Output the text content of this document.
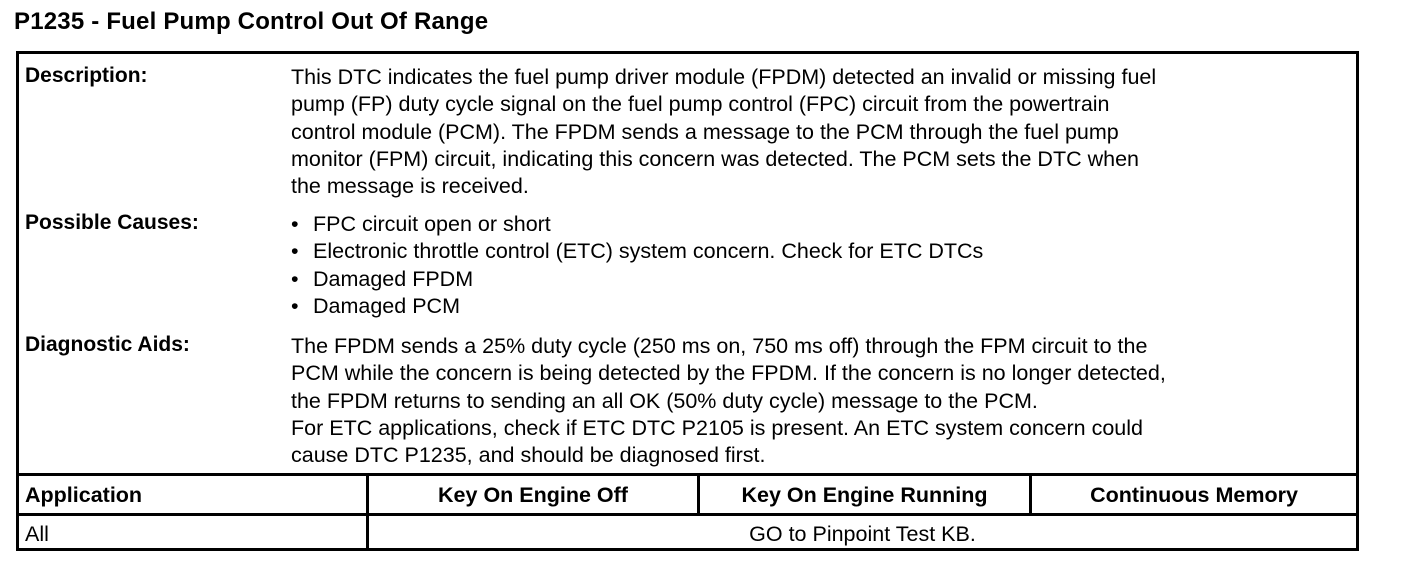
P1235 - Fuel Pump Control Out Of Range
Description:	This DTC indicates the fuel pump driver module (FPDM) detected an invalid or missing fuel

pump (FP) duty cycle signal on the fuel pump control (FPC) circuit from the powertrain

control module (PCM). The FPDM sends a message to the PCM through the fuel pump

monitor (FPM) circuit, indicating this concern was detected. The PCM sets the DTC when

the message is received.

Possible Causes:	• FPC circuit open or short
• Electronic throttle control (ETC) system concern. Check for ETC DTCs
• Damaged FPDM
• Damaged PCM
Diagnostic Aids:	The FPDM sends a 25% duty cycle (250 ms on, 750 ms off) through the FPM circuit to the

PCM while the concern is being detected by the FPDM. If the concern is no longer detected,

the FPDM returns to sending an all OK (50% duty cycle) message to the PCM.

For ETC applications, check if ETC DTC P2105 is present. An ETC system concern could

cause DTC P1235, and should be diagnosed first.

Application	Key On Engine Off	Key On Engine Running	Continuous Memory
All	GO to Pinpoint Test KB.
